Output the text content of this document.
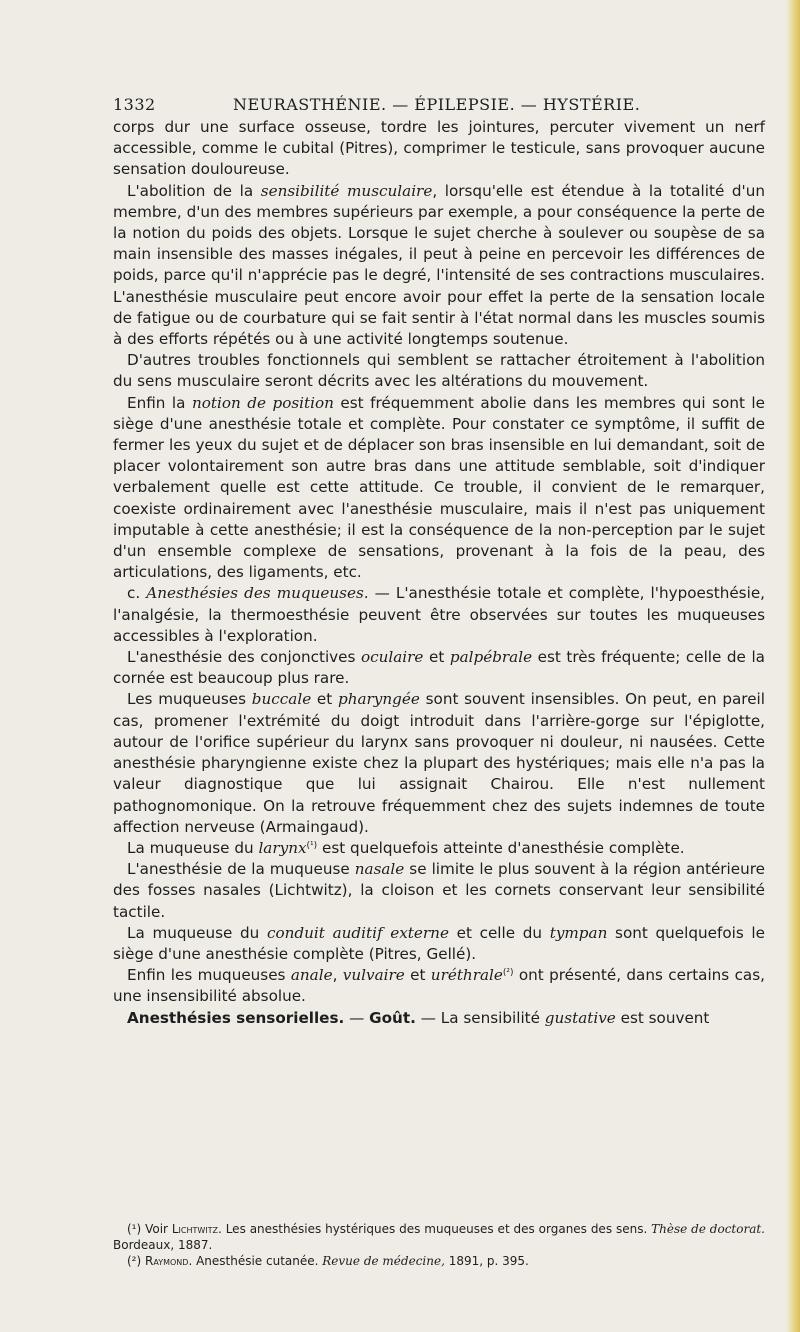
1332	NEURASTHÉNIE. — ÉPILEPSIE. — HYSTÉRIE.

corps dur une surface osseuse, tordre les jointures, percuter vivement un nerf accessible, comme le cubital (Pitres), comprimer le testicule, sans provoquer aucune sensation douloureuse.

L'abolition de la sensibilité musculaire, lorsqu'elle est étendue à la totalité d'un membre, d'un des membres supérieurs par exemple, a pour conséquence la perte de la notion du poids des objets. Lorsque le sujet cherche à soulever ou soupèse de sa main insensible des masses inégales, il peut à peine en percevoir les différences de poids, parce qu'il n'apprécie pas le degré, l'intensité de ses contractions musculaires. L'anesthésie musculaire peut encore avoir pour effet la perte de la sensation locale de fatigue ou de courbature qui se fait sentir à l'état normal dans les muscles soumis à des efforts répétés ou à une activité longtemps soutenue.

D'autres troubles fonctionnels qui semblent se rattacher étroitement à l'abolition du sens musculaire seront décrits avec les altérations du mouvement.

Enfin la notion de position est fréquemment abolie dans les membres qui sont le siège d'une anesthésie totale et complète. Pour constater ce symptôme, il suffit de fermer les yeux du sujet et de déplacer son bras insensible en lui demandant, soit de placer volontairement son autre bras dans une attitude semblable, soit d'indiquer verbalement quelle est cette attitude. Ce trouble, il convient de le remarquer, coexiste ordinairement avec l'anesthésie musculaire, mais il n'est pas uniquement imputable à cette anesthésie; il est la conséquence de la non-perception par le sujet d'un ensemble complexe de sensations, provenant à la fois de la peau, des articulations, des ligaments, etc.

c. Anesthésies des muqueuses. — L'anesthésie totale et complète, l'hypoesthésie, l'analgésie, la thermoesthésie peuvent être observées sur toutes les muqueuses accessibles à l'exploration.

L'anesthésie des conjonctives oculaire et palpébrale est très fréquente; celle de la cornée est beaucoup plus rare.

Les muqueuses buccale et pharyngée sont souvent insensibles. On peut, en pareil cas, promener l'extrémité du doigt introduit dans l'arrière-gorge sur l'épiglotte, autour de l'orifice supérieur du larynx sans provoquer ni douleur, ni nausées. Cette anesthésie pharyngienne existe chez la plupart des hystériques; mais elle n'a pas la valeur diagnostique que lui assignait Chairou. Elle n'est nullement pathognomonique. On la retrouve fréquemment chez des sujets indemnes de toute affection nerveuse (Armaingaud).

La muqueuse du larynx$^{(^1)}$ est quelquefois atteinte d'anesthésie complète.

L'anesthésie de la muqueuse nasale se limite le plus souvent à la région antérieure des fosses nasales (Lichtwitz), la cloison et les cornets conservant leur sensibilité tactile.

La muqueuse du conduit auditif externe et celle du tympan sont quelquefois le siège d'une anesthésie complète (Pitres, Gellé).

Enfin les muqueuses anale, vulvaire et uréthrale$^{(^2)}$ ont présenté, dans certains cas, une insensibilité absolue.

Anesthésies sensorielles. — Goût. — La sensibilité gustative est souvent

(¹) Voir Lichtwitz. Les anesthésies hystériques des muqueuses et des organes des sens. Thèse de doctorat. Bordeaux, 1887.

(²) Raymond. Anesthésie cutanée. Revue de médecine, 1891, p. 395.
